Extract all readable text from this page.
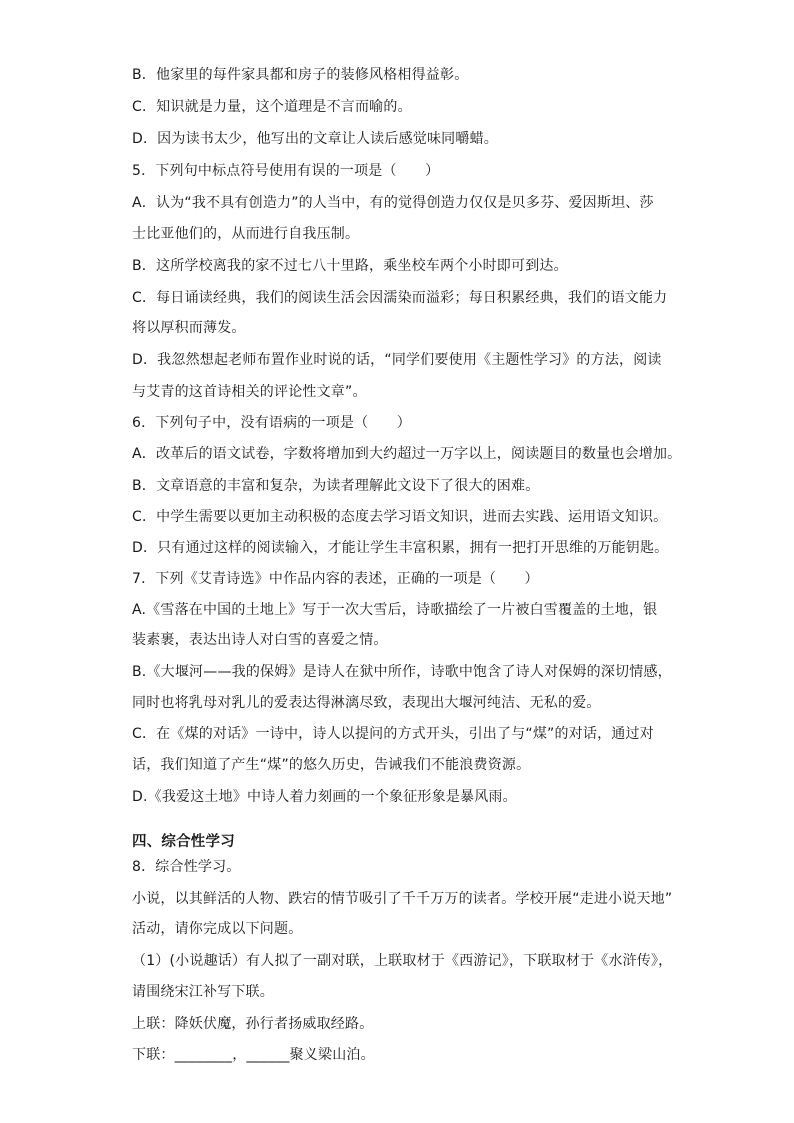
B．他家里的每件家具都和房子的装修风格相得益彰。
C．知识就是力量，这个道理是不言而喻的。
D．因为读书太少，他写出的文章让人读后感觉味同嚼蜡。
5．下列句中标点符号使用有误的一项是（　　）
A．认为“我不具有创造力”的人当中，有的觉得创造力仅仅是贝多芬、爱因斯坦、莎
士比亚他们的，从而进行自我压制。
B．这所学校离我的家不过七八十里路，乘坐校车两个小时即可到达。
C．每日诵读经典，我们的阅读生活会因濡染而溢彩；每日积累经典，我们的语文能力
将以厚积而薄发。
D．我忽然想起老师布置作业时说的话，“同学们要使用《主题性学习》的方法，阅读
与艾青的这首诗相关的评论性文章”。
6．下列句子中，没有语病的一项是（　　）
A．改革后的语文试卷，字数将增加到大约超过一万字以上，阅读题目的数量也会增加。
B．文章语意的丰富和复杂，为读者理解此文设下了很大的困难。
C．中学生需要以更加主动积极的态度去学习语文知识，进而去实践、运用语文知识。
D．只有通过这样的阅读输入，才能让学生丰富积累，拥有一把打开思维的万能钥匙。
7．下列《艾青诗选》中作品内容的表述，正确的一项是（　　）
A.《雪落在中国的土地上》写于一次大雪后，诗歌描绘了一片被白雪覆盖的土地，银
装素裹，表达出诗人对白雪的喜爱之情。
B.《大堰河——我的保姆》是诗人在狱中所作，诗歌中饱含了诗人对保姆的深切情感，
同时也将乳母对乳儿的爱表达得淋漓尽致，表现出大堰河纯洁、无私的爱。
C．在《煤的对话》一诗中，诗人以提问的方式开头，引出了与“煤”的对话，通过对
话，我们知道了产生“煤”的悠久历史，告诫我们不能浪费资源。
D.《我爱这土地》中诗人着力刻画的一个象征形象是暴风雨。
四、综合性学习
8．综合性学习。
小说，以其鲜活的人物、跌宕的情节吸引了千千万万的读者。学校开展“走进小说天地”
活动，请你完成以下问题。
（1）(小说趣话）有人拟了一副对联，上联取材于《西游记》，下联取材于《水浒传》，
请围绕宋江补写下联。
上联：降妖伏魔，孙行者扬威取经路。
下联：________，______聚义梁山泊。
